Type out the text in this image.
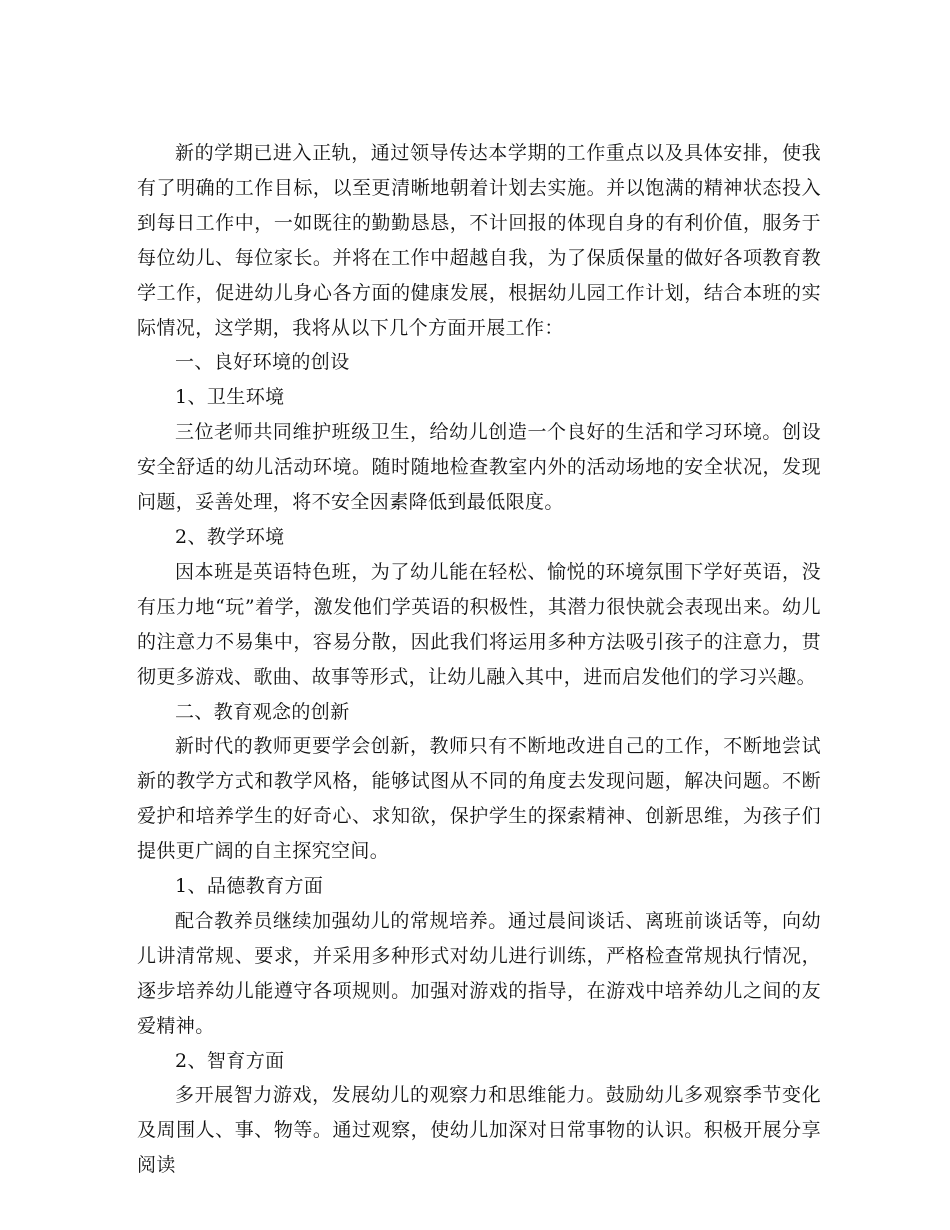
新的学期已进入正轨，通过领导传达本学期的工作重点以及具体安排，使我有了明确的工作目标，以至更清晰地朝着计划去实施。并以饱满的精神状态投入到每日工作中，一如既往的勤勤恳恳，不计回报的体现自身的有利价值，服务于每位幼儿、每位家长。并将在工作中超越自我，为了保质保量的做好各项教育教学工作，促进幼儿身心各方面的健康发展，根据幼儿园工作计划，结合本班的实际情况，这学期，我将从以下几个方面开展工作：

一、良好环境的创设

1、卫生环境

三位老师共同维护班级卫生，给幼儿创造一个良好的生活和学习环境。创设安全舒适的幼儿活动环境。随时随地检查教室内外的活动场地的安全状况，发现问题，妥善处理，将不安全因素降低到最低限度。

2、教学环境

因本班是英语特色班，为了幼儿能在轻松、愉悦的环境氛围下学好英语，没有压力地“玩”着学，激发他们学英语的积极性，其潜力很快就会表现出来。幼儿的注意力不易集中，容易分散，因此我们将运用多种方法吸引孩子的注意力，贯彻更多游戏、歌曲、故事等形式，让幼儿融入其中，进而启发他们的学习兴趣。

二、教育观念的创新

新时代的教师更要学会创新，教师只有不断地改进自己的工作，不断地尝试新的教学方式和教学风格，能够试图从不同的角度去发现问题，解决问题。不断爱护和培养学生的好奇心、求知欲，保护学生的探索精神、创新思维，为孩子们提供更广阔的自主探究空间。

1、品德教育方面

配合教养员继续加强幼儿的常规培养。通过晨间谈话、离班前谈话等，向幼儿讲清常规、要求，并采用多种形式对幼儿进行训练，严格检查常规执行情况，逐步培养幼儿能遵守各项规则。加强对游戏的指导，在游戏中培养幼儿之间的友爱精神。

2、智育方面

多开展智力游戏，发展幼儿的观察力和思维能力。鼓励幼儿多观察季节变化及周围人、事、物等。通过观察，使幼儿加深对日常事物的认识。积极开展分享阅读
